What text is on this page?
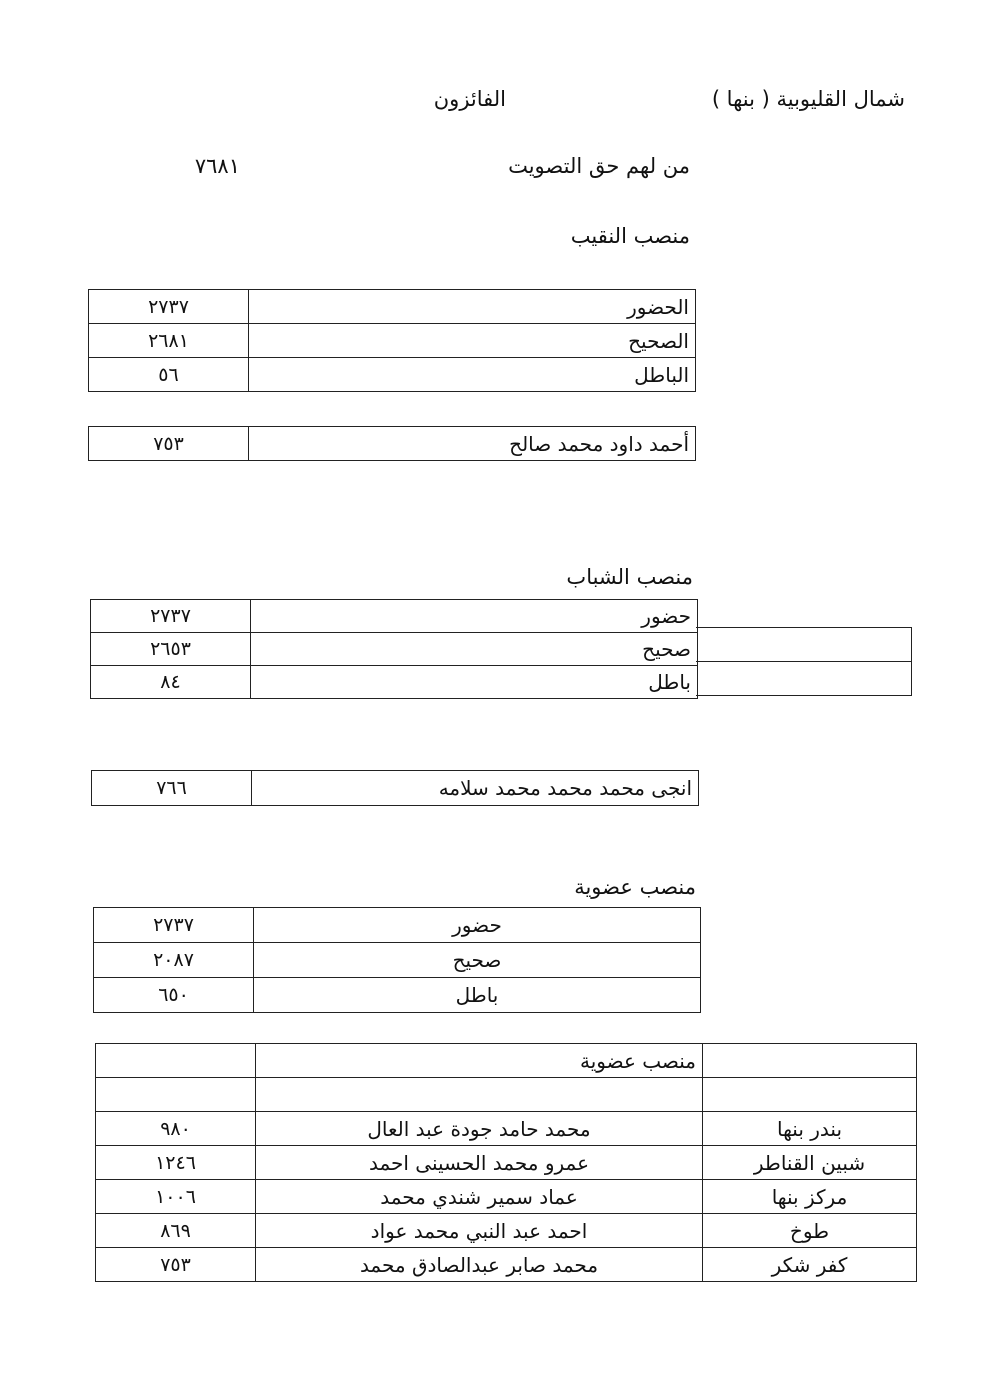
شمال القليوبية ( بنها )
الفائزون
من لهم حق التصويت
٧٦٨١
منصب النقيب
٢٧٣٧	الحضور
٢٦٨١	الصحيح
٥٦	الباطل
٧٥٣	أحمد داود محمد صالح
منصب الشباب
٢٧٣٧	حضور
٢٦٥٣	صحيح
٨٤	باطل
٧٦٦	انجى محمد محمد محمد سلامه
منصب عضوية
٢٧٣٧	حضور
٢٠٨٧	صحيح
٦٥٠	باطل
	منصب عضوية	

٩٨٠	محمد حامد جودة عبد العال	بندر بنها
١٢٤٦	عمرو محمد الحسينى احمد	شبين القناطر
١٠٠٦	عماد سمير شندي محمد	مركز بنها
٨٦٩	احمد عبد النبي محمد عواد	طوخ
٧٥٣	محمد صابر عبدالصادق محمد	كفر شكر
